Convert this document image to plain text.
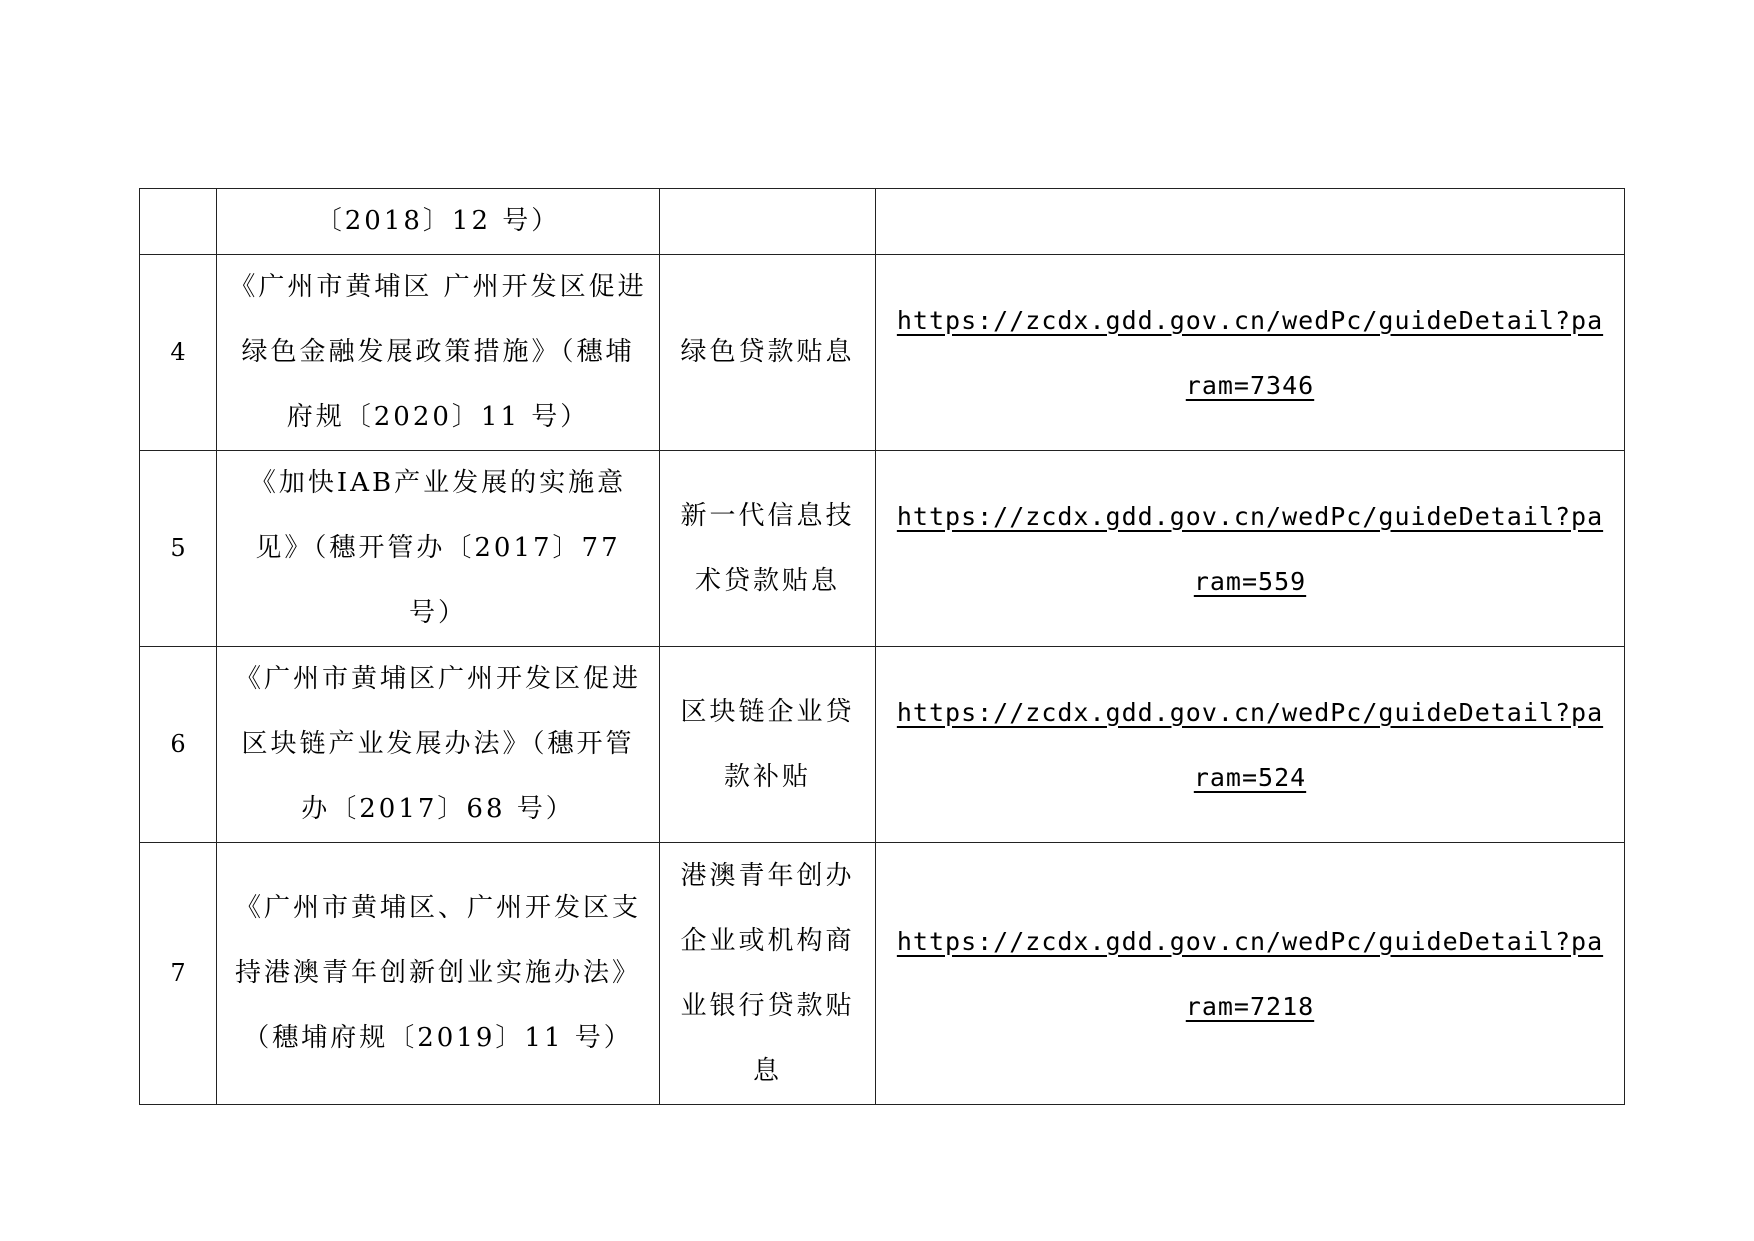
	〔2018〕12 号）		
4	《广州市黄埔区 广州开发区促进绿色金融发展政策措施》（穗埔府规〔2020〕11 号）	绿色贷款贴息	https://zcdx.gdd.gov.cn/wedPc/guideDetail?param=7346
5	《加快IAB产业发展的实施意见》（穗开管办〔2017〕77 号）	新一代信息技术贷款贴息	https://zcdx.gdd.gov.cn/wedPc/guideDetail?param=559
6	《广州市黄埔区广州开发区促进区块链产业发展办法》（穗开管办〔2017〕68 号）	区块链企业贷款补贴	https://zcdx.gdd.gov.cn/wedPc/guideDetail?param=524
7	《广州市黄埔区、广州开发区支持港澳青年创新创业实施办法》（穗埔府规〔2019〕11 号）	港澳青年创办企业或机构商业银行贷款贴息	https://zcdx.gdd.gov.cn/wedPc/guideDetail?param=7218
